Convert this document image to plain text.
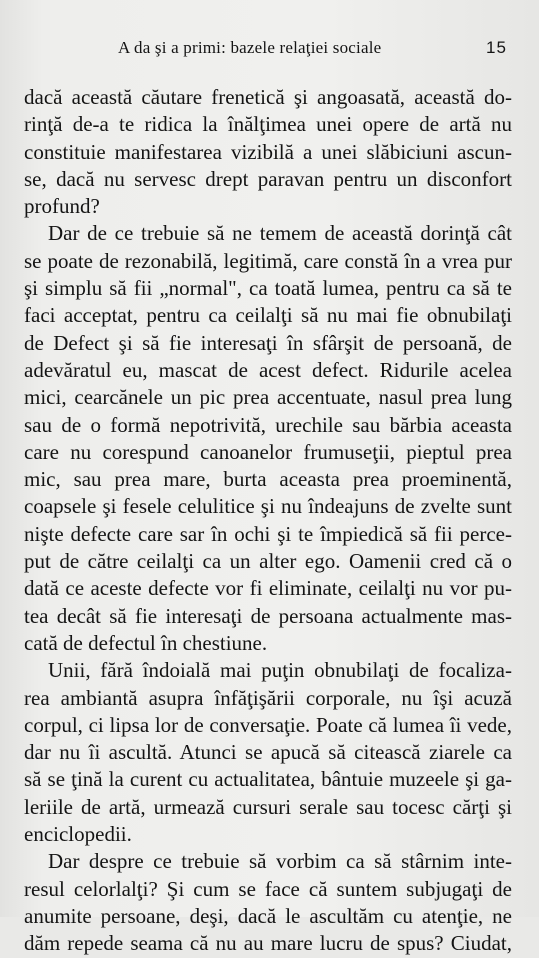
A da şi a primi: bazele relaţiei sociale	15
dacă această căutare frenetică şi angoasată, această do-
rinţă de-a te ridica la înălţimea unei opere de artă nu
constituie manifestarea vizibilă a unei slăbiciuni ascun-
se, dacă nu servesc drept paravan pentru un disconfort
profund?
Dar de ce trebuie să ne temem de această dorinţă cât
se poate de rezonabilă, legitimă, care constă în a vrea pur
şi simplu să fii „normal", ca toată lumea, pentru ca să te
faci acceptat, pentru ca ceilalţi să nu mai fie obnubilaţi
de Defect şi să fie interesaţi în sfârşit de persoană, de
adevăratul eu, mascat de acest defect. Ridurile acelea
mici, cearcănele un pic prea accentuate, nasul prea lung
sau de o formă nepotrivită, urechile sau bărbia aceasta
care nu corespund canoanelor frumuseţii, pieptul prea
mic, sau prea mare, burta aceasta prea proeminentă,
coapsele şi fesele celulitice şi nu îndeajuns de zvelte sunt
nişte defecte care sar în ochi şi te împiedică să fii perce-
put de către ceilalţi ca un alter ego. Oamenii cred că o
dată ce aceste defecte vor fi eliminate, ceilalţi nu vor pu-
tea decât să fie interesaţi de persoana actualmente mas-
cată de defectul în chestiune.
Unii, fără îndoială mai puţin obnubilaţi de focaliza-
rea ambiantă asupra înfăţişării corporale, nu îşi acuză
corpul, ci lipsa lor de conversaţie. Poate că lumea îi vede,
dar nu îi ascultă. Atunci se apucă să citească ziarele ca
să se ţină la curent cu actualitatea, bântuie muzeele şi ga-
leriile de artă, urmează cursuri serale sau tocesc cărţi şi
enciclopedii.
Dar despre ce trebuie să vorbim ca să stârnim inte-
resul celorlalţi? Şi cum se face că suntem subjugaţi de
anumite persoane, deşi, dacă le ascultăm cu atenţie, ne
dăm repede seama că nu au mare lucru de spus? Ciudat,
